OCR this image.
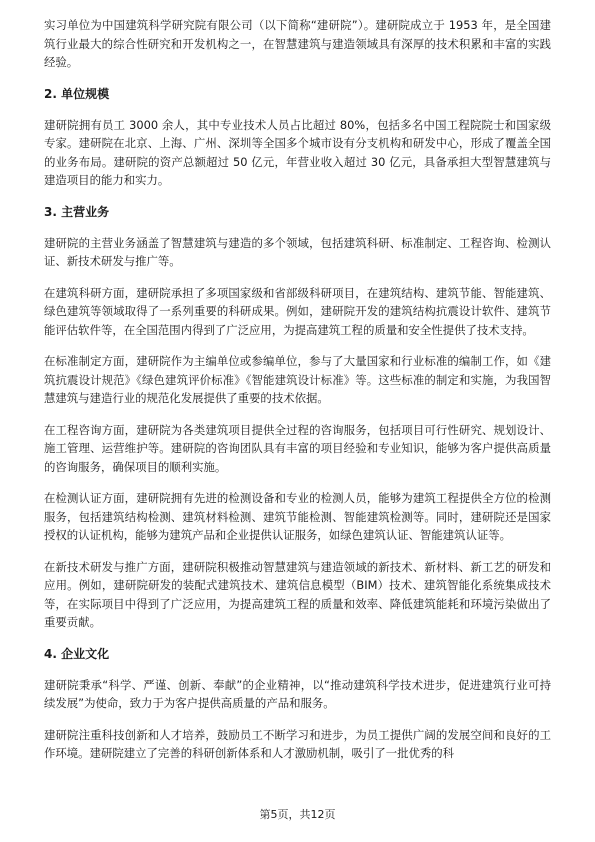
实习单位为中国建筑科学研究院有限公司（以下简称“建研院”）。建研院成立于 1953 年，是全国建筑行业最大的综合性研究和开发机构之一，在智慧建筑与建造领域具有深厚的技术积累和丰富的实践经验。

2. 单位规模

建研院拥有员工 3000 余人，其中专业技术人员占比超过 80%，包括多名中国工程院院士和国家级专家。建研院在北京、上海、广州、深圳等全国多个城市设有分支机构和研发中心，形成了覆盖全国的业务布局。建研院的资产总额超过 50 亿元，年营业收入超过 30 亿元，具备承担大型智慧建筑与建造项目的能力和实力。

3. 主营业务

建研院的主营业务涵盖了智慧建筑与建造的多个领域，包括建筑科研、标准制定、工程咨询、检测认证、新技术研发与推广等。

在建筑科研方面，建研院承担了多项国家级和省部级科研项目，在建筑结构、建筑节能、智能建筑、绿色建筑等领域取得了一系列重要的科研成果。例如，建研院开发的建筑结构抗震设计软件、建筑节能评估软件等，在全国范围内得到了广泛应用，为提高建筑工程的质量和安全性提供了技术支持。

在标准制定方面，建研院作为主编单位或参编单位，参与了大量国家和行业标准的编制工作，如《建筑抗震设计规范》《绿色建筑评价标准》《智能建筑设计标准》等。这些标准的制定和实施，为我国智慧建筑与建造行业的规范化发展提供了重要的技术依据。

在工程咨询方面，建研院为各类建筑项目提供全过程的咨询服务，包括项目可行性研究、规划设计、施工管理、运营维护等。建研院的咨询团队具有丰富的项目经验和专业知识，能够为客户提供高质量的咨询服务，确保项目的顺利实施。

在检测认证方面，建研院拥有先进的检测设备和专业的检测人员，能够为建筑工程提供全方位的检测服务，包括建筑结构检测、建筑材料检测、建筑节能检测、智能建筑检测等。同时，建研院还是国家授权的认证机构，能够为建筑产品和企业提供认证服务，如绿色建筑认证、智能建筑认证等。

在新技术研发与推广方面，建研院积极推动智慧建筑与建造领域的新技术、新材料、新工艺的研发和应用。例如，建研院研发的装配式建筑技术、建筑信息模型（BIM）技术、建筑智能化系统集成技术等，在实际项目中得到了广泛应用，为提高建筑工程的质量和效率、降低建筑能耗和环境污染做出了重要贡献。

4. 企业文化

建研院秉承“科学、严谨、创新、奉献”的企业精神，以“推动建筑科学技术进步，促进建筑行业可持续发展”为使命，致力于为客户提供高质量的产品和服务。

建研院注重科技创新和人才培养，鼓励员工不断学习和进步，为员工提供广阔的发展空间和良好的工作环境。建研院建立了完善的科研创新体系和人才激励机制，吸引了一批优秀的科

第5页，共12页
